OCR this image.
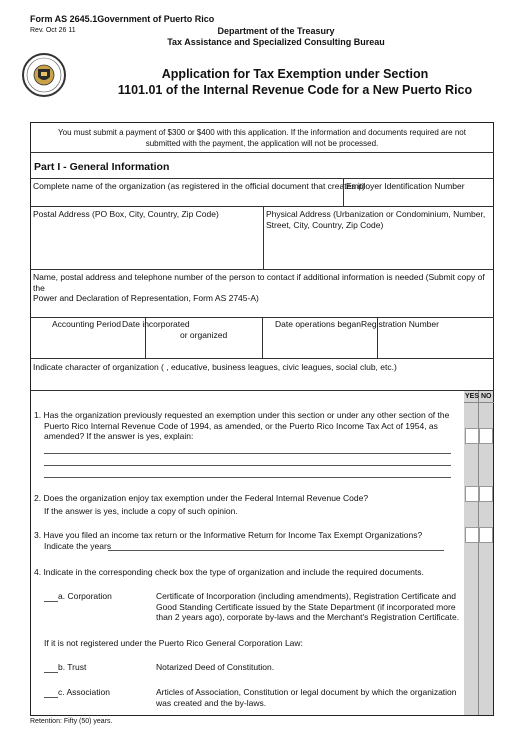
Form AS 2645.1Government of Puerto Rico
Rev. Oct 26 11	Department of the Treasury
Tax Assistance and Specialized Consulting Bureau
Application for Tax Exemption under Section
1101.01 of the Internal Revenue Code for a New Puerto Rico
You must submit a payment of $300 or $400 with this application. If the information and documents required are not
submitted with the payment, the application will not be processed.
Part I - General Information
Complete name of the organization (as registered in the official document that creates it)
Employer Identification Number
Postal Address (PO Box, City, Country, Zip Code)	Physical Address (Urbanization or Condominium, Number,
Street, City, Country, Zip Code)
Name, postal address and telephone number of the person to contact if additional information is needed (Submit copy of the
Power and Declaration of Representation, Form AS 2745-A)
Accounting Period Date incorporated
or organized
Date operations began Registration Number
Indicate character of organization ( , educative, business leagues, civic leagues, social club, etc.)
YES NO
1. Has the organization previously requested an exemption under this section or under any other section of the
Puerto Rico Internal Revenue Code of 1994, as amended, or the Puerto Rico Income Tax Act of 1954, as
amended? If the answer is yes, explain:
2. Does the organization enjoy tax exemption under the Federal Internal Revenue Code?
If the answer is yes, include a copy of such opinion.
3. Have you filed an income tax return or the Informative Return for Income Tax Exempt Organizations?
Indicate the years
4. Indicate in the corresponding check box the type of organization and include the required documents.
a. Corporation	Certificate of Incorporation (including amendments), Registration Certificate and
Good Standing Certificate issued by the State Department (if incorporated more
than 2 years ago), corporate by-laws and the Merchant's Registration Certificate.
If it is not registered under the Puerto Rico General Corporation Law:
b. Trust	Notarized Deed of Constitution.
c. Association	Articles of Association, Constitution or legal document by which the organization
was created and the by-laws.
Retention: Fifty (50) years.
